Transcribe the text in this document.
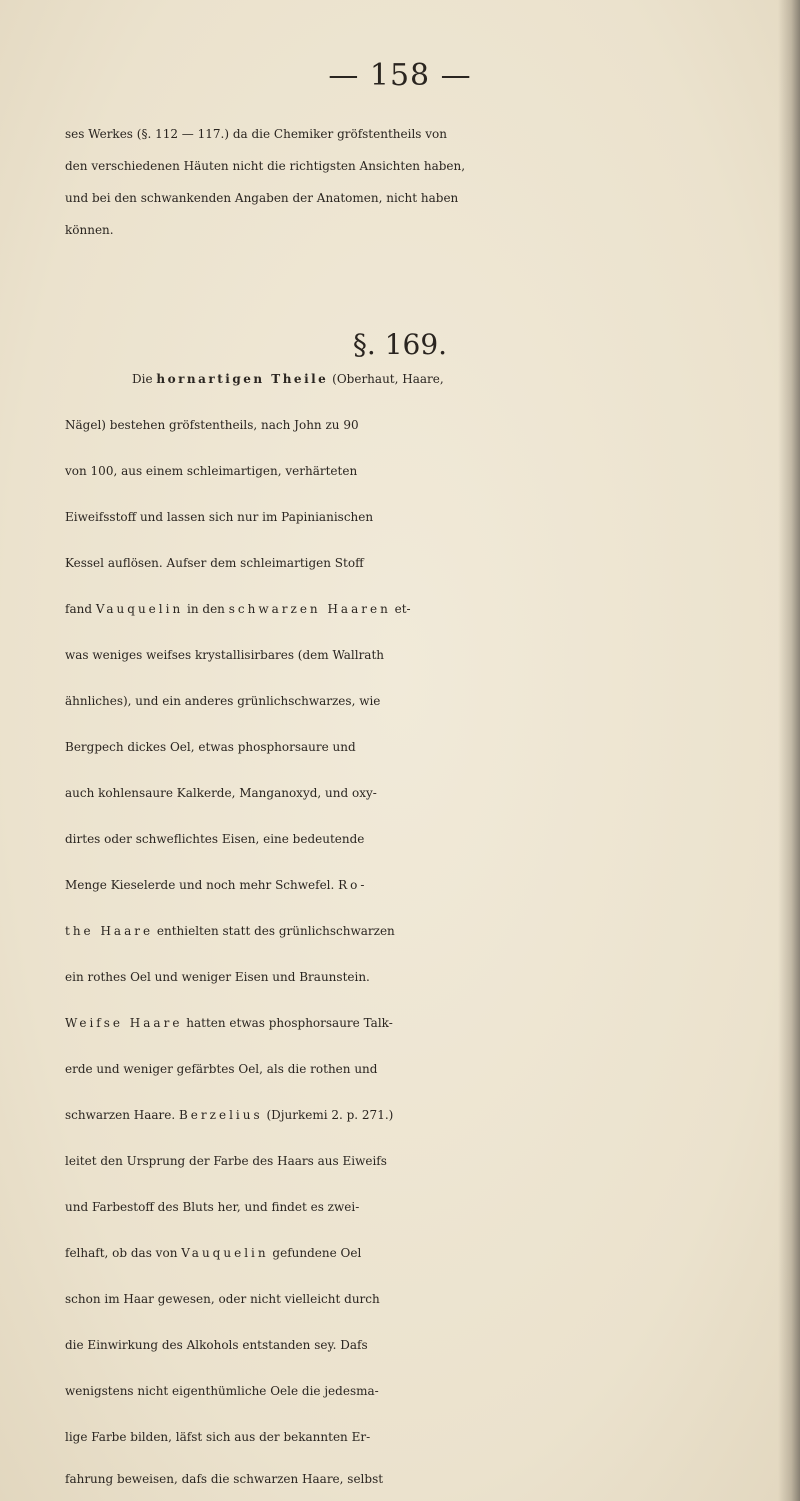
— 158 —
ses Werkes (§. 112 — 117.) da die Chemiker gröfstentheils von
den verschiedenen Häuten nicht die richtigsten Ansichten haben,
und bei den schwankenden Angaben der Anatomen, nicht haben
können.
§. 169.
Die hornartigen Theile (Oberhaut, Haare,
Nägel) bestehen gröfstentheils, nach John zu 90
von 100, aus einem schleimartigen, verhärteten
Eiweifsstoff und lassen sich nur im Papinianischen
Kessel auflösen. Aufser dem schleimartigen Stoff
fand Vauquelin in den schwarzen Haaren et-
was weniges weifses krystallisirbares (dem Wallrath
ähnliches), und ein anderes grünlichschwarzes, wie
Bergpech dickes Oel, etwas phosphorsaure und
auch kohlensaure Kalkerde, Manganoxyd, und oxy-
dirtes oder schweflichtes Eisen, eine bedeutende
Menge Kieselerde und noch mehr Schwefel. Ro-
the Haare enthielten statt des grünlichschwarzen
ein rothes Oel und weniger Eisen und Braunstein.
Weifse Haare hatten etwas phosphorsaure Talk-
erde und weniger gefärbtes Oel, als die rothen und
schwarzen Haare. Berzelius (Djurkemi 2. p. 271.)
leitet den Ursprung der Farbe des Haars aus Eiweifs
und Farbestoff des Bluts her, und findet es zwei-
felhaft, ob das von Vauquelin gefundene Oel
schon im Haar gewesen, oder nicht vielleicht durch
die Einwirkung des Alkohols entstanden sey. Dafs
wenigstens nicht eigenthümliche Oele die jedesma-
lige Farbe bilden, läfst sich aus der bekannten Er-
fahrung beweisen, dafs die schwarzen Haare, selbst
